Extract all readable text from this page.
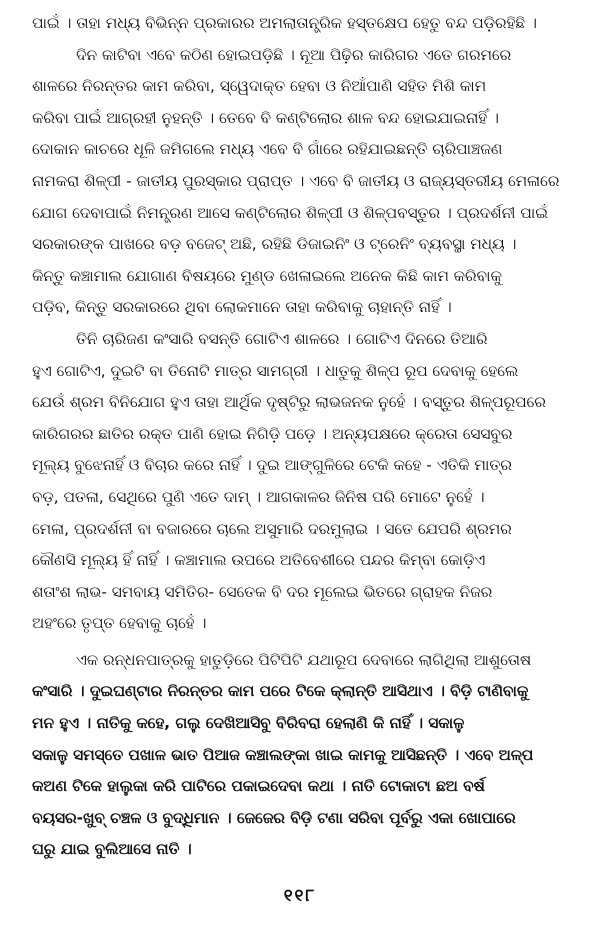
ପାଇଁ । ତାହା ମଧ୍ୟ ବିଭିନ୍ନ ପ୍ରକାରର ଅମଲାତାନ୍ତ୍ରିକ ହସ୍ତକ୍ଷେପ ହେତୁ ବନ୍ଦ ପଡ଼ିରହିଛି ।
ଦିନ କାଟିବା ଏବେ କଠିଣ ହୋଇପଡ଼ିଛି । ନୂଆ ପିଢ଼ିର କାରିଗର ଏତେ ଗରମରେ
ଶାଳରେ ନିରନ୍ତର କାମ କରିବା, ସ୍ୱେଦାକ୍ତ ହେବା ଓ ନିଆଁପାଣି ସହିତ ମିଶି କାମ
କରିବା ପାଇଁ ଆଗ୍ରହୀ ନୁହନ୍ତି । ତେବେ ବି କଣ୍ଟିଲୋର ଶାଳ ବନ୍ଦ ହୋଇଯାଇନାହିଁ ।
ଦୋକାନ କାଚରେ ଧୂଳି ଜମିଗଲେ ମଧ୍ୟ ଏବେ ବି ଗାଁରେ ରହିଯାଇଛନ୍ତି ଚାରିପାଞ୍ଚଜଣ
ନାମକରା ଶିଳ୍ପୀ - ଜାତୀୟ ପୁରସ୍କାର ପ୍ରାପ୍ତ । ଏବେ ବି ଜାତୀୟ ଓ ରାଜ୍ୟସ୍ତରୀୟ ମେଳାରେ
ଯୋଗ ଦେବାପାଇଁ ନିମନ୍ତ୍ରଣ ଆସେ କଣ୍ଟିଲୋର ଶିଳ୍ପୀ ଓ ଶିଳ୍ପବସ୍ତୁର । ପ୍ରଦର୍ଶନୀ ପାଇଁ
ସରକାରଙ୍କ ପାଖରେ ବଡ଼ ବଜେଟ୍ ଅଛି, ରହିଛି ଡିଜାଇନିଂ ଓ ଟ୍ରେନିଂ ବ୍ୟବସ୍ଥା ମଧ୍ୟ ।
କିନ୍ତୁ କଞ୍ଚାମାଲ ଯୋଗାଣ ବିଷୟରେ ମୁଣ୍ଡ ଖେଳାଇଲେ ଅନେକ କିଛି କାମ କରିବାକୁ
ପଡ଼ିବ, କିନ୍ତୁ ସରକାରରେ ଥିବା ଲୋକମାନେ ତାହା କରିବାକୁ ଚାହାନ୍ତି ନାହିଁ ।
ତିନି ଚାରିଜଣ କଂସାରି ବସନ୍ତି ଗୋଟିଏ ଶାଳରେ । ଗୋଟିଏ ଦିନରେ ତିଆରି
ହୁଏ ଗୋଟିଏ, ଦୁଇଟି ବା ତିନୋଟି ମାତ୍ର ସାମଗ୍ରୀ । ଧାତୁକୁ ଶିଳ୍ପ ରୂପ ଦେବାକୁ ହେଲେ
ଯେଉଁ ଶ୍ରମ ବିନିଯୋଗ ହୁଏ ତାହା ଆର୍ଥିକ ଦୃଷ୍ଟିରୁ ଲାଭଜନକ ନୁହେଁ । ବସ୍ତୁର ଶିଳ୍ପରୂପରେ
କାରିଗରର ଛାତିର ରକ୍ତ ପାଣି ହୋଇ ନିଗିଡ଼ି ପଡ଼େ । ଅନ୍ୟପକ୍ଷରେ କ୍ରେତା ସେସବୁର
ମୂଲ୍ୟ ବୁଝେନାହିଁ ଓ ବିଚାର କରେ ନାହିଁ । ଦୁଇ ଆଙ୍ଗୁଳିରେ ଟେକି କହେ - ଏତିକି ମାତ୍ର
ବଡ଼, ପତଳା, ସେଥିରେ ପୁଣି ଏତେ ଦାମ୍ । ଆଗକାଳର ଜିନିଷ ପରି ମୋଟେ ନୁହେଁ ।
ମେଳା, ପ୍ରଦର୍ଶନୀ ବା ବଜାରରେ ଚାଲେ ଅସୁମାରି ଦରମୁଲାଇ । ସତେ ଯେପରି ଶ୍ରମର
କୌଣସି ମୂଲ୍ୟ ହିଁ ନାହିଁ । କଞ୍ଚାମାଲ ଉପରେ ଅତିବେଶୀରେ ପନ୍ଦର କିମ୍ବା କୋଡ଼ିଏ
ଶତାଂଶ ଲାଭ- ସମବାୟ ସମିତିର- ସେତେକ ବି ଦର ମୂଲେଇ ଭିତରେ ଗ୍ରାହକ ନିଜର
ଅହଂରେ ତୃପ୍ତ ହେବାକୁ ଚାହେଁ ।
ଏକ ରନ୍ଧନପାତ୍ରକୁ ହାତୁଡ଼ିରେ ପିଟିପିଟି ଯଥାରୂପ ଦେବାରେ ଲାଗିଥିଲା ଆଶୁତୋଷ
କଂସାରି । ଦୁଇଘଣ୍ଟାର ନିରନ୍ତର କାମ ପରେ ଟିକେ କ୍ଲାନ୍ତି ଆସିଥାଏ । ବିଡ଼ି ଟାଣିବାକୁ
ମନ ହୁଏ । ନାତିକୁ କହେ, ଗଲୁ ଦେଖିଆସିବୁ ବିରିବରା ହେଲାଣି କି ନାହିଁ । ସକାଳୁ
ସକାଳୁ ସମସ୍ତେ ପଖାଳ ଭାତ ପିଆଜ କଞ୍ଚାଲଙ୍କା ଖାଇ କାମକୁ ଆସିଛନ୍ତି । ଏବେ ଅଳ୍ପ
କଅଣ ଟିକେ ହାଲୁକା କରି ପାଟିରେ ପକାଇଦେବା କଥା । ନାତି ଟୋକାଟା ଛଅ ବର୍ଷ
ବୟସର-ଖୁବ୍ ଚଞ୍ଚଳ ଓ ବୁଦ୍ଧିମାନ । ଜେଜେର ବିଡ଼ି ଟଣା ସରିବା ପୂର୍ବରୁ ଏକା ଖୋପାରେ
ଘରୁ ଯାଇ ବୁଲିଆସେ ନାତି ।
୧୧୮
